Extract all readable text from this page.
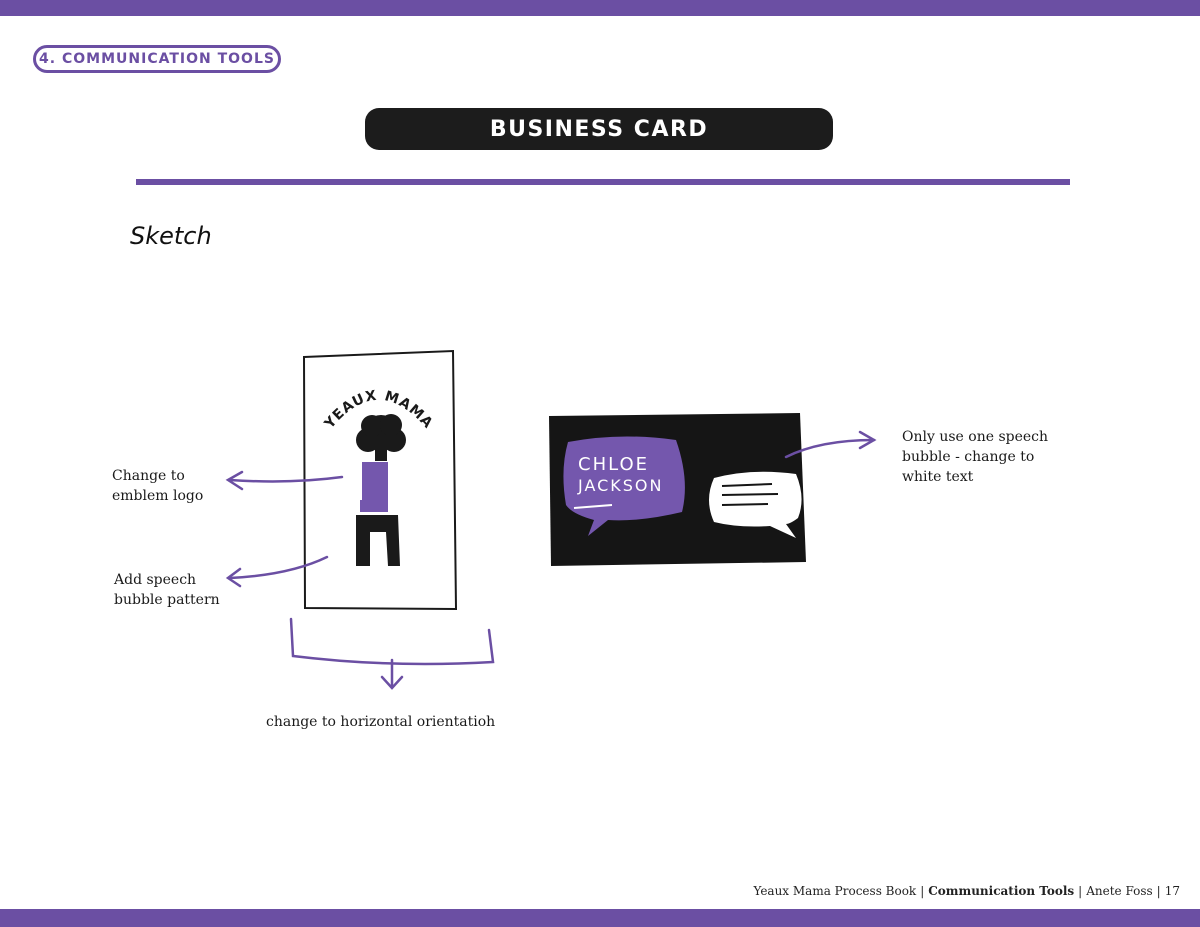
4. COMMUNICATION TOOLS
BUSINESS CARD
Sketch
YEAUX MAMA
CHLOE
JACKSON
Change to
emblem logo
Add speech
bubble pattern
change to horizontal orientatioh
Only use one speech
bubble - change to
white text
Yeaux Mama Process Book | Communication Tools | Anete Foss | 17
